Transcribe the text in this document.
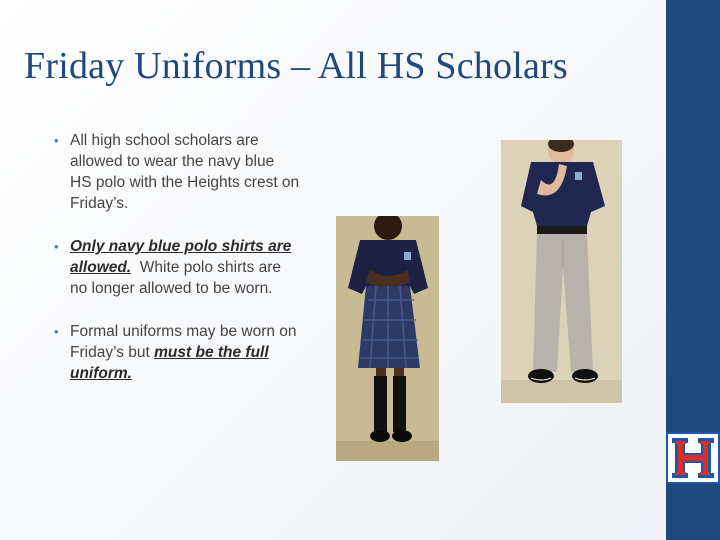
Friday Uniforms – All HS Scholars
• All high school scholars are allowed to wear the navy blue HS polo with the Heights crest on Friday’s.
• Only navy blue polo shirts are allowed.  White polo shirts are no longer allowed to be worn.
• Formal uniforms may be worn on Friday’s but must be the full uniform.
